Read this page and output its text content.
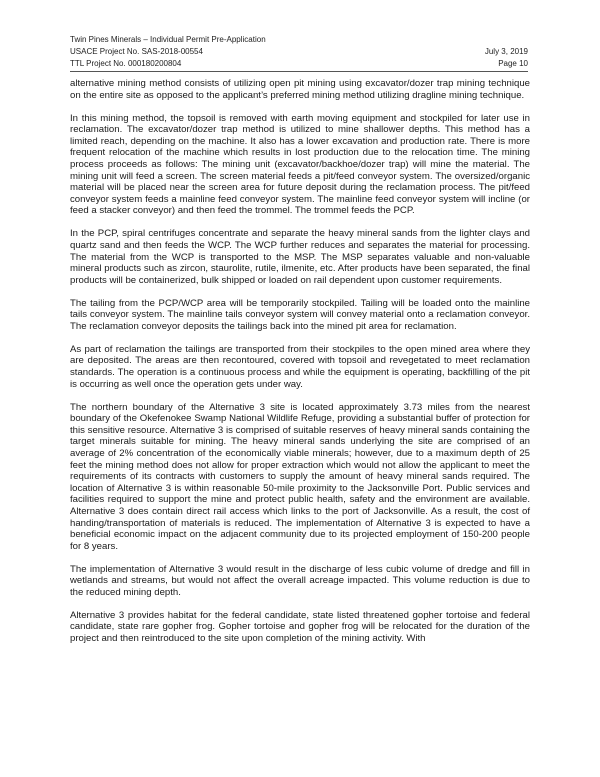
Twin Pines Minerals – Individual Permit Pre-Application
USACE Project No. SAS-2018-00554	July 3, 2019
TTL Project No. 000180200804	Page 10

alternative mining method consists of utilizing open pit mining using excavator/dozer trap mining technique on the entire site as opposed to the applicant’s preferred mining method utilizing dragline mining technique.

In this mining method, the topsoil is removed with earth moving equipment and stockpiled for later use in reclamation. The excavator/dozer trap method is utilized to mine shallower depths. This method has a limited reach, depending on the machine. It also has a lower excavation and production rate. There is more frequent relocation of the machine which results in lost production due to the relocation time. The mining process proceeds as follows: The mining unit (excavator/backhoe/dozer trap) will mine the material. The mining unit will feed a screen. The screen material feeds a pit/feed conveyor system. The oversized/organic material will be placed near the screen area for future deposit during the reclamation process. The pit/feed conveyor system feeds a mainline feed conveyor system. The mainline feed conveyor system will incline (or feed a stacker conveyor) and then feed the trommel. The trommel feeds the PCP.

In the PCP, spiral centrifuges concentrate and separate the heavy mineral sands from the lighter clays and quartz sand and then feeds the WCP. The WCP further reduces and separates the material for processing. The material from the WCP is transported to the MSP. The MSP separates valuable and non-valuable mineral products such as zircon, staurolite, rutile, ilmenite, etc. After products have been separated, the final products will be containerized, bulk shipped or loaded on rail dependent upon customer requirements.

The tailing from the PCP/WCP area will be temporarily stockpiled. Tailing will be loaded onto the mainline tails conveyor system. The mainline tails conveyor system will convey material onto a reclamation conveyor. The reclamation conveyor deposits the tailings back into the mined pit area for reclamation.

As part of reclamation the tailings are transported from their stockpiles to the open mined area where they are deposited. The areas are then recontoured, covered with topsoil and revegetated to meet reclamation standards. The operation is a continuous process and while the equipment is operating, backfilling of the pit is occurring as well once the operation gets under way.

The northern boundary of the Alternative 3 site is located approximately 3.73 miles from the nearest boundary of the Okefenokee Swamp National Wildlife Refuge, providing a substantial buffer of protection for this sensitive resource. Alternative 3 is comprised of suitable reserves of heavy mineral sands containing the target minerals suitable for mining. The heavy mineral sands underlying the site are comprised of an average of 2% concentration of the economically viable minerals; however, due to a maximum depth of 25 feet the mining method does not allow for proper extraction which would not allow the applicant to meet the requirements of its contracts with customers to supply the amount of heavy mineral sands required. The location of Alternative 3 is within reasonable 50-mile proximity to the Jacksonville Port. Public services and facilities required to support the mine and protect public health, safety and the environment are available. Alternative 3 does contain direct rail access which links to the port of Jacksonville. As a result, the cost of handing/transportation of materials is reduced. The implementation of Alternative 3 is expected to have a beneficial economic impact on the adjacent community due to its projected employment of 150-200 people for 8 years.

The implementation of Alternative 3 would result in the discharge of less cubic volume of dredge and fill in wetlands and streams, but would not affect the overall acreage impacted. This volume reduction is due to the reduced mining depth.

Alternative 3 provides habitat for the federal candidate, state listed threatened gopher tortoise and federal candidate, state rare gopher frog. Gopher tortoise and gopher frog will be relocated for the duration of the project and then reintroduced to the site upon completion of the mining activity. With
